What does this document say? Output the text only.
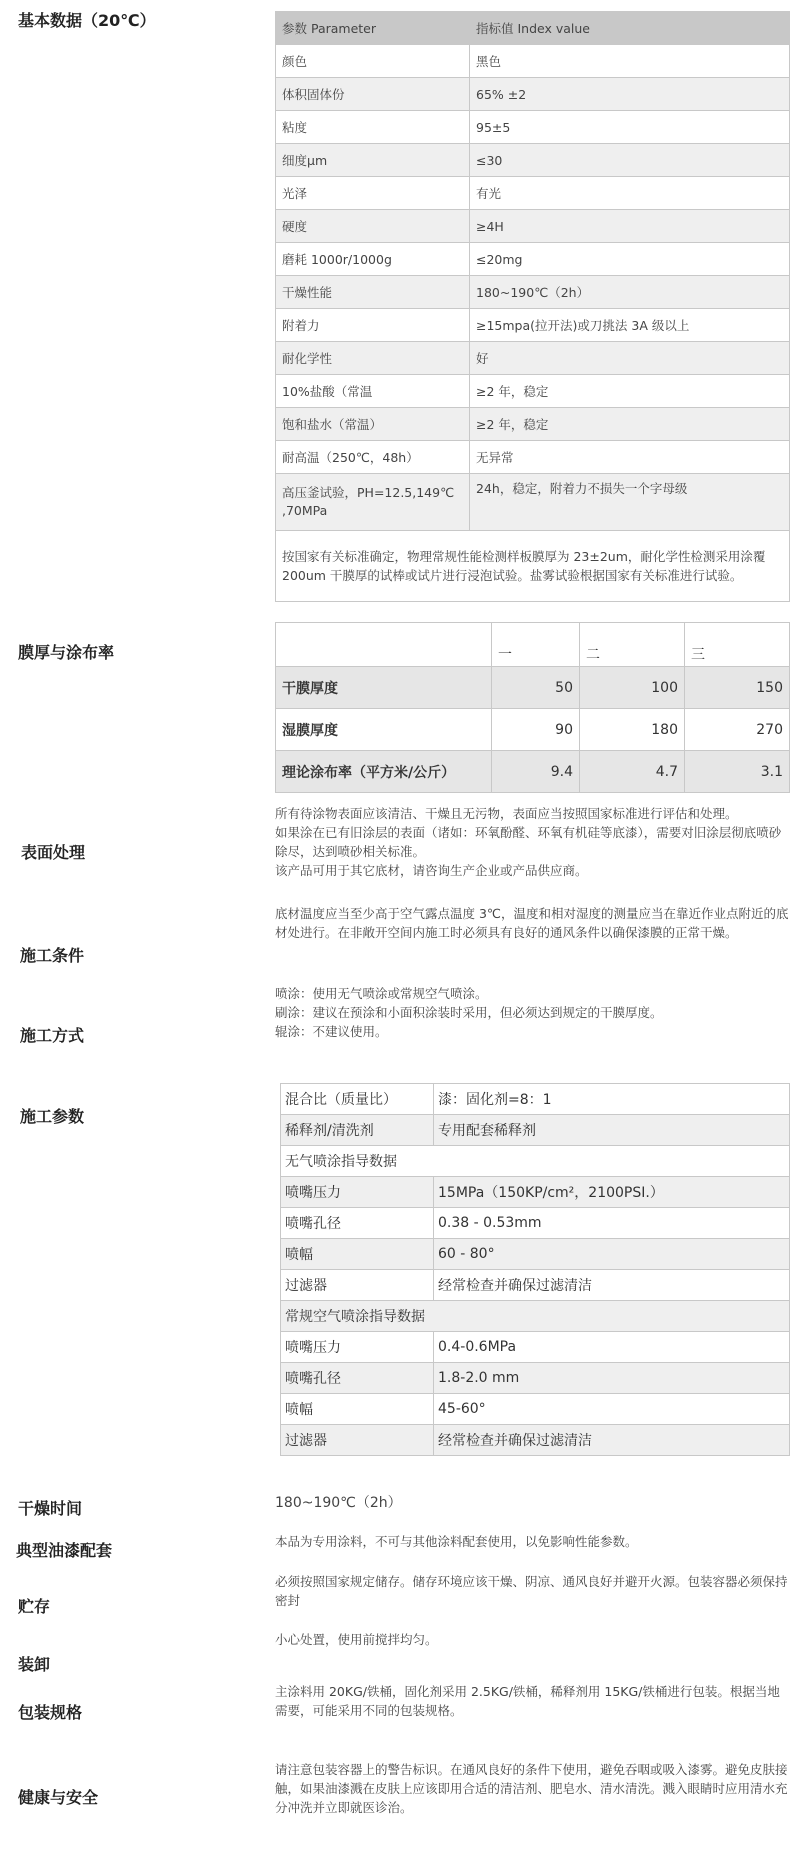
基本数据（20℃）
膜厚与涂布率
表面处理
施工条件
施工方式
施工参数
干燥时间
典型油漆配套
贮存
装卸
包装规格
健康与安全
参数 Parameter	指标值 Index value
颜色	黑色
体积固体份	65% ±2
粘度	95±5
细度μm	≤30
光泽	有光
硬度	≥4H
磨耗 1000r/1000g	≤20mg
干燥性能	180~190℃（2h）
附着力	≥15mpa(拉开法)或刀挑法 3A 级以上
耐化学性	好
10%盐酸（常温	≥2 年，稳定
饱和盐水（常温）	≥2 年，稳定
耐高温（250℃，48h）	无异常
高压釜试验，PH=12.5,149℃ ,70MPa	24h，稳定，附着力不损失一个字母级
按国家有关标准确定，物理常规性能检测样板膜厚为 23±2um，耐化学性检测采用涂覆 200um 干膜厚的试棒或试片进行浸泡试验。盐雾试验根据国家有关标准进行试验。	
	一	二	三
干膜厚度	50	100	150
湿膜厚度	90	180	270
理论涂布率（平方米/公斤）	9.4	4.7	3.1
所有待涂物表面应该清洁、干燥且无污物，表面应当按照国家标准进行评估和处理。
如果涂在已有旧涂层的表面（诸如：环氧酚醛、环氧有机硅等底漆），需要对旧涂层彻底喷砂除尽，达到喷砂相关标准。
该产品可用于其它底材，请咨询生产企业或产品供应商。
底材温度应当至少高于空气露点温度 3℃，温度和相对湿度的测量应当在靠近作业点附近的底材处进行。在非敞开空间内施工时必须具有良好的通风条件以确保漆膜的正常干燥。
喷涂：使用无气喷涂或常规空气喷涂。
刷涂：建议在预涂和小面积涂装时采用，但必须达到规定的干膜厚度。
辊涂：不建议使用。
混合比（质量比）	漆：固化剂=8：1
稀释剂/清洗剂	专用配套稀释剂
无气喷涂指导数据	
喷嘴压力	15MPa（150KP/cm²，2100PSI.）
喷嘴孔径	0.38 - 0.53mm
喷幅	60 - 80°
过滤器	经常检查并确保过滤清洁
常规空气喷涂指导数据	
喷嘴压力	0.4-0.6MPa
喷嘴孔径	1.8-2.0 mm
喷幅	45-60°
过滤器	经常检查并确保过滤清洁
180~190℃（2h）
本品为专用涂料，不可与其他涂料配套使用，以免影响性能参数。
必须按照国家规定储存。储存环境应该干燥、阴凉、通风良好并避开火源。包装容器必须保持密封
小心处置，使用前搅拌均匀。
主涂料用 20KG/铁桶，固化剂采用 2.5KG/铁桶，稀释剂用 15KG/铁桶进行包装。根据当地需要，可能采用不同的包装规格。
请注意包装容器上的警告标识。在通风良好的条件下使用，避免吞咽或吸入漆雾。避免皮肤接触，如果油漆溅在皮肤上应该即用合适的清洁剂、肥皂水、清水清洗。溅入眼睛时应用清水充分冲洗并立即就医诊治。
